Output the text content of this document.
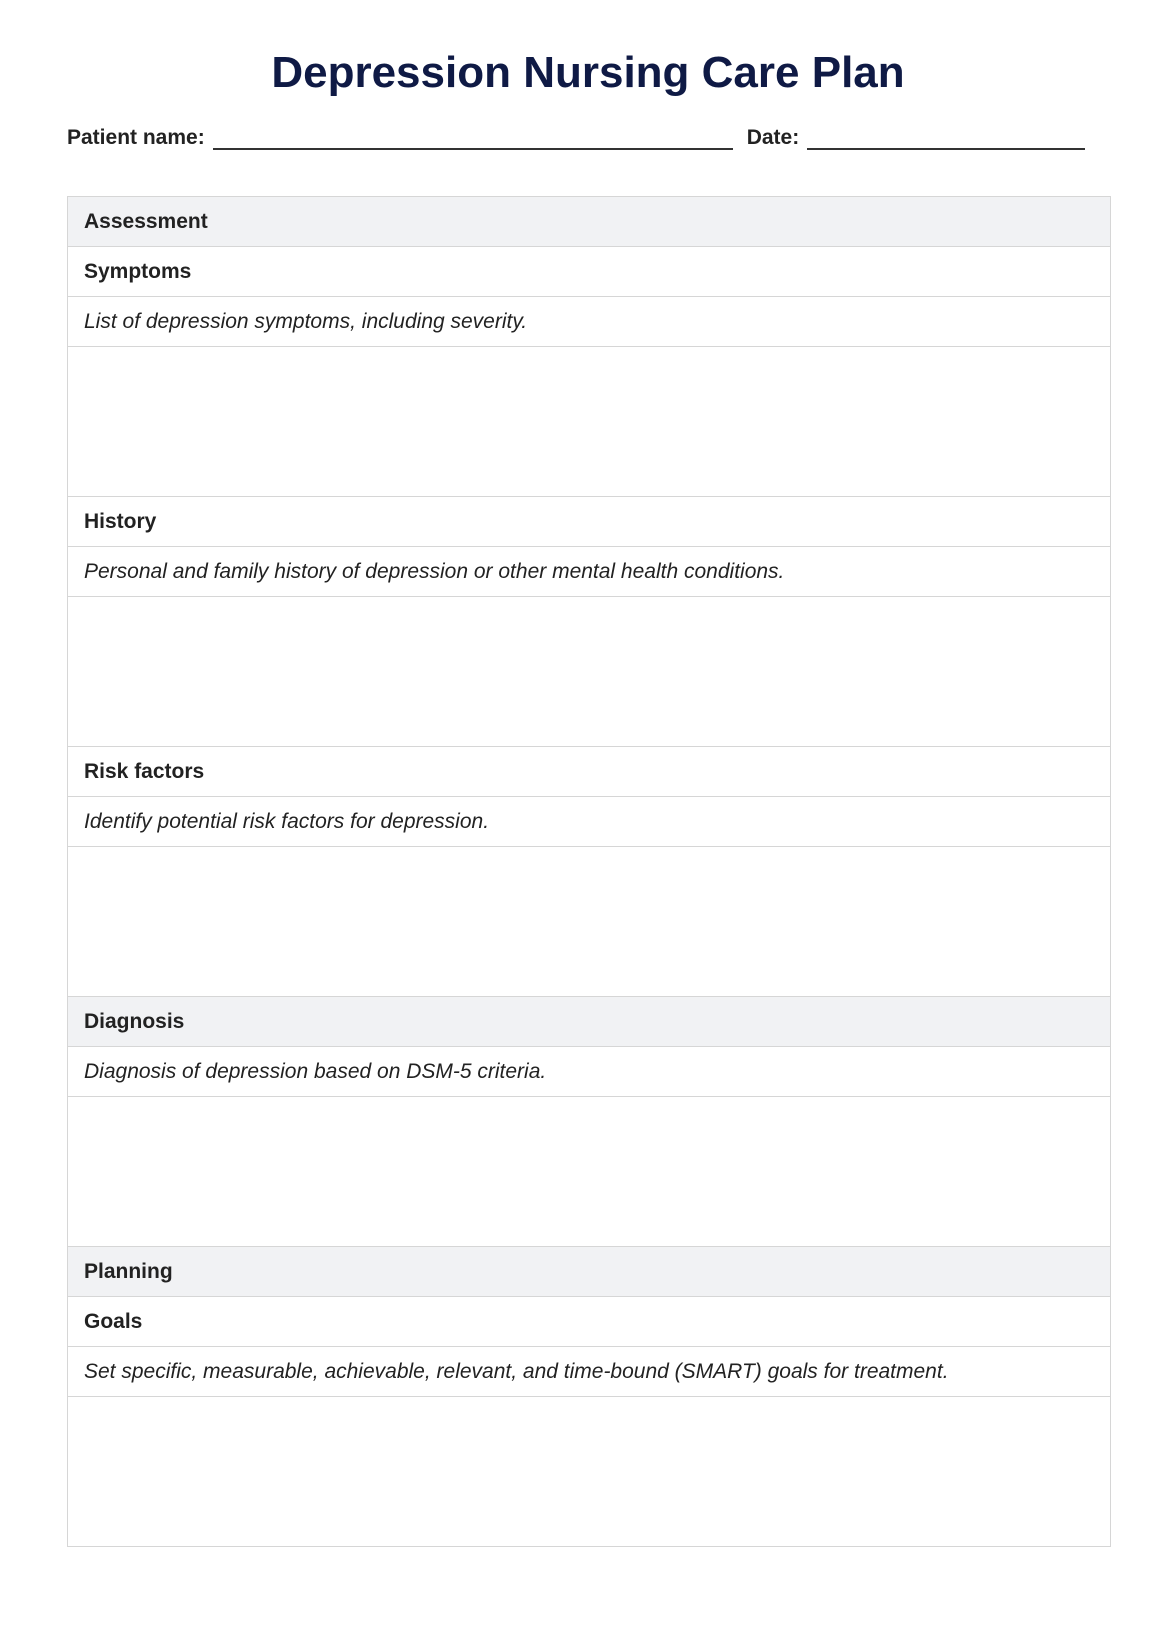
Depression Nursing Care Plan
Patient name:	Date:
Assessment
Symptoms
List of depression symptoms, including severity.
History
Personal and family history of depression or other mental health conditions.
Risk factors
Identify potential risk factors for depression.
Diagnosis
Diagnosis of depression based on DSM-5 criteria.
Planning
Goals
Set specific, measurable, achievable, relevant, and time-bound (SMART) goals for treatment.
